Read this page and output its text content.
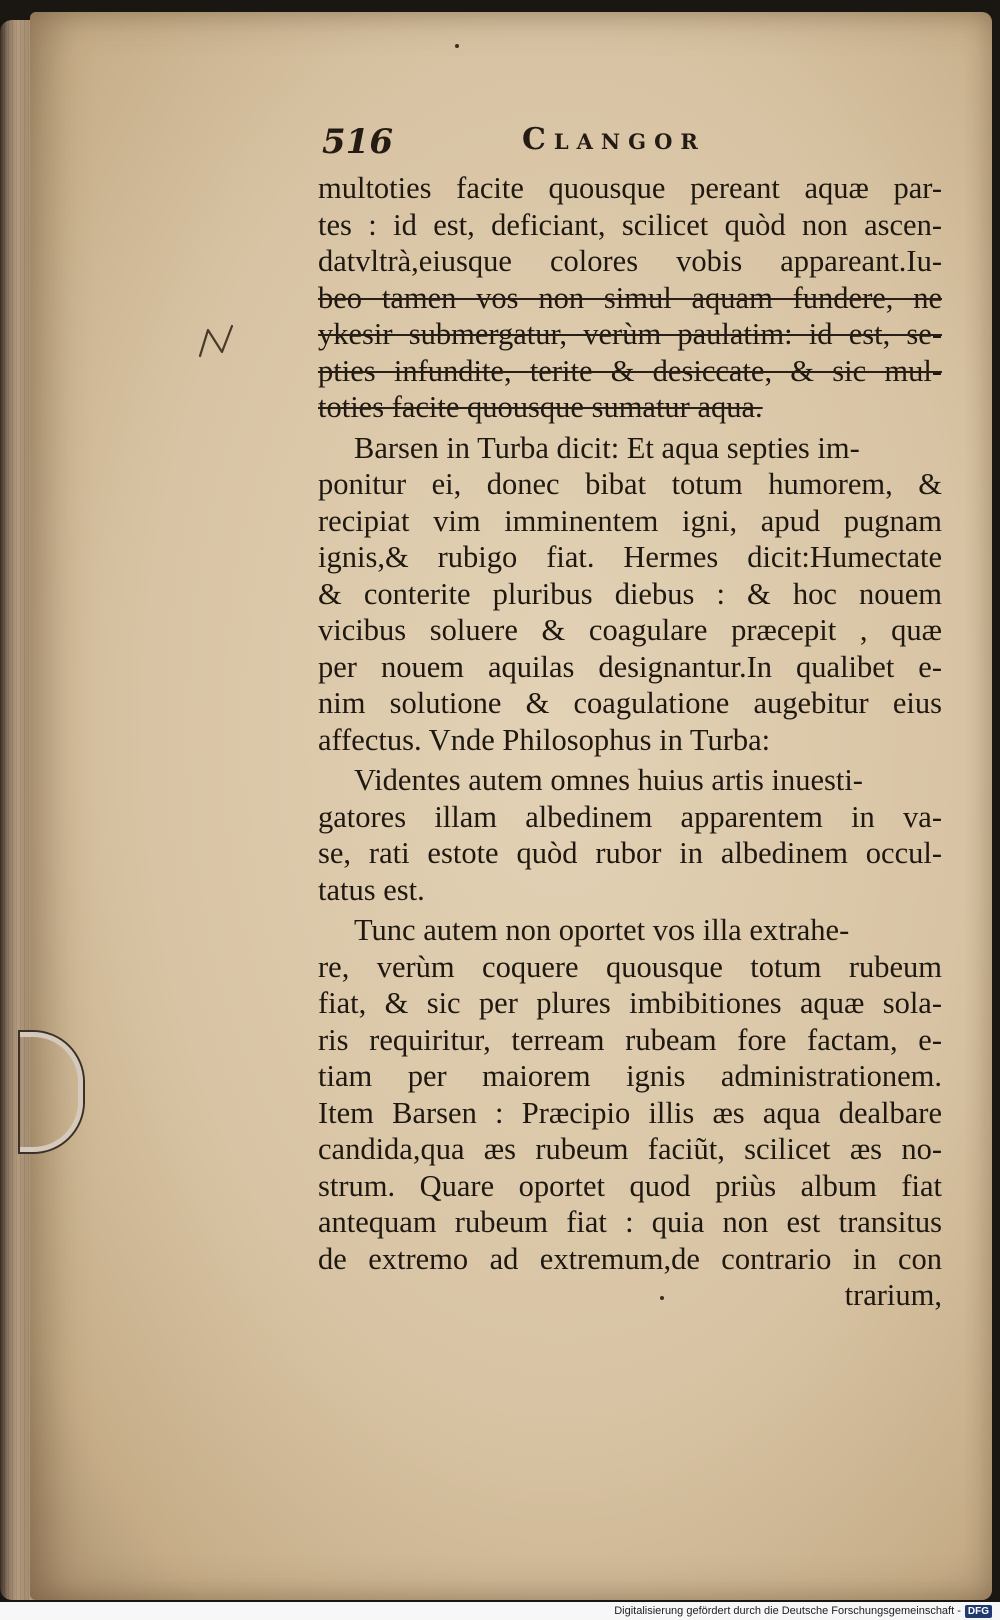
516	Clangor
multoties facite quousque pereant aquæ par-
tes : id est, deficiant, scilicet quòd non ascen-
datvltrà,eiusque colores vobis appareant.Iu-
beo tamen vos non simul aquam fundere, ne
ykesir submergatur, verùm paulatim: id est, se-
pties infundite, terite & desiccate, & sic mul-
toties facite quousque sumatur aqua.
Barsen in Turba dicit: Et aqua septies im-
ponitur ei, donec bibat totum humorem, &
recipiat vim imminentem igni, apud pugnam
ignis,& rubigo fiat. Hermes dicit:Humectate
& conterite pluribus diebus : & hoc nouem
vicibus soluere & coagulare præcepit , quæ
per nouem aquilas designantur.In qualibet e-
nim solutione & coagulatione augebitur eius
affectus. Vnde Philosophus in Turba:
Videntes autem omnes huius artis inuesti-
gatores illam albedinem apparentem in va-
se, rati estote quòd rubor in albedinem occul-
tatus est.
Tunc autem non oportet vos illa extrahe-
re, verùm coquere quousque totum rubeum
fiat, & sic per plures imbibitiones aquæ sola-
ris requiritur, terream rubeam fore factam, e-
tiam per maiorem ignis administrationem.
Item Barsen : Præcipio illis æs aqua dealbare
candida,qua æs rubeum faciũt, scilicet æs no-
strum. Quare oportet quod priùs album fiat
antequam rubeum fiat : quia non est transitus
de extremo ad extremum,de contrario in con
trarium,
Digitalisierung gefördert durch die Deutsche Forschungsgemeinschaft - DFG
